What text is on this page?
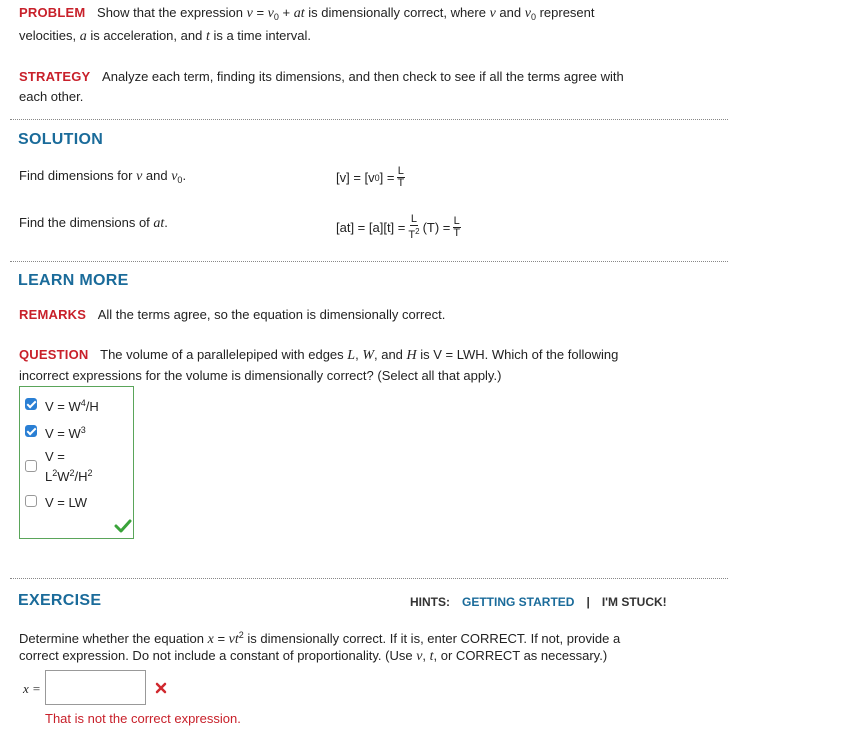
PROBLEM Show that the expression $v = v_0$ + at is dimensionally correct, where v and $v_0$ represent
velocities, a is acceleration, and t is a time interval.
STRATEGY Analyze each term, finding its dimensions, and then check to see if all the terms agree with
each other.
SOLUTION
Find dimensions for v and $v_0$.	[v] = [v 0 ] = $\frac{L}{T}$
Find the dimensions of at.	$[at] = [a][t] = \frac{L}{T^2} (T) = \frac{L}{T}$
LEARN MORE
REMARKS All the terms agree, so the equation is dimensionally correct.
QUESTION The volume of a parallelepiped with edges L, W, and H is V = LWH. Which of the following
incorrect expressions for the volume is dimensionally correct? (Select all that apply.)
$V = W^4/H$
$V = W^3$
V =
$L^2W^2/H^2$
V = LW
EXERCISE	HINTS: GETTING STARTED | I'M STUCK!
Determine whether the equation $x = vt^2$ is dimensionally correct. If it is, enter CORRECT. If not, provide a
correct expression. Do not include a constant of proportionality. (Use v, t, or CORRECT as necessary.)
x =
That is not the correct expression.
